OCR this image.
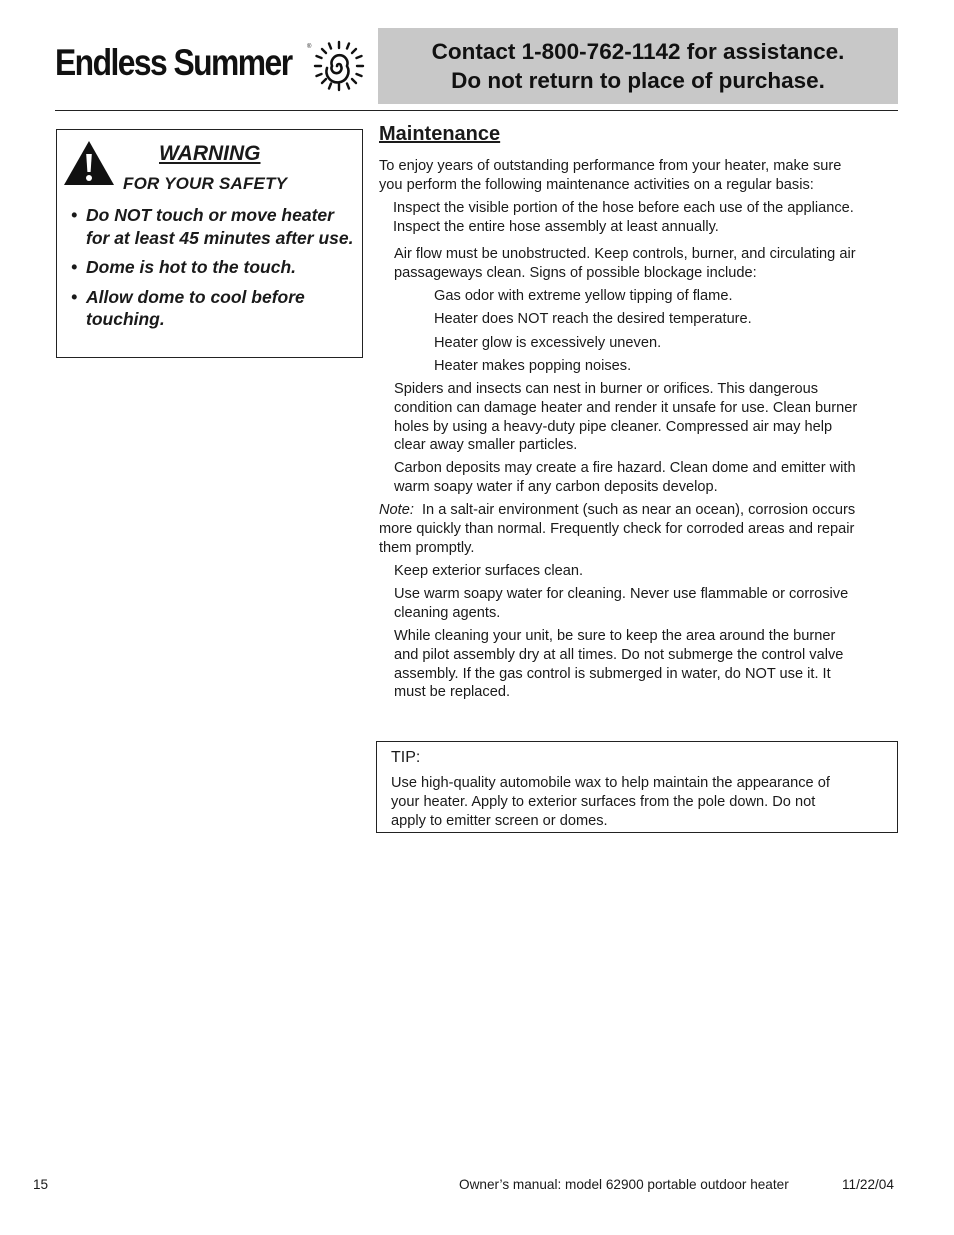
Endless Summer	®	Contact 1-800-762-1142 for assistance.
Do not return to place of purchase.
WARNING
FOR YOUR SAFETY
• Do NOT touch or move heater for at least 45 minutes after use.
• Dome is hot to the touch.
• Allow dome to cool before touching.
Maintenance
To enjoy years of outstanding performance from your heater, make sure
you perform the following maintenance activities on a regular basis:
Inspect the visible portion of the hose before each use of the appliance.
Inspect the entire hose assembly at least annually.
Air flow must be unobstructed. Keep controls, burner, and circulating air
passageways clean. Signs of possible blockage include:
Gas odor with extreme yellow tipping of flame.
Heater does NOT reach the desired temperature.
Heater glow is excessively uneven.
Heater makes popping noises.
Spiders and insects can nest in burner or orifices. This dangerous
condition can damage heater and render it unsafe for use. Clean burner
holes by using a heavy-duty pipe cleaner. Compressed air may help
clear away smaller particles.
Carbon deposits may create a fire hazard. Clean dome and emitter with
warm soapy water if any carbon deposits develop.
Note:  In a salt-air environment (such as near an ocean), corrosion occurs
more quickly than normal. Frequently check for corroded areas and repair
them promptly.
Keep exterior surfaces clean.
Use warm soapy water for cleaning. Never use flammable or corrosive
cleaning agents.
While cleaning your unit, be sure to keep the area around the burner
and pilot assembly dry at all times. Do not submerge the control valve
assembly. If the gas control is submerged in water, do NOT use it. It
must be replaced.
TIP:
Use high-quality automobile wax to help maintain the appearance of
your heater. Apply to exterior surfaces from the pole down. Do not
apply to emitter screen or domes.
15	Owner’s manual: model 62900 portable outdoor heater	11/22/04
